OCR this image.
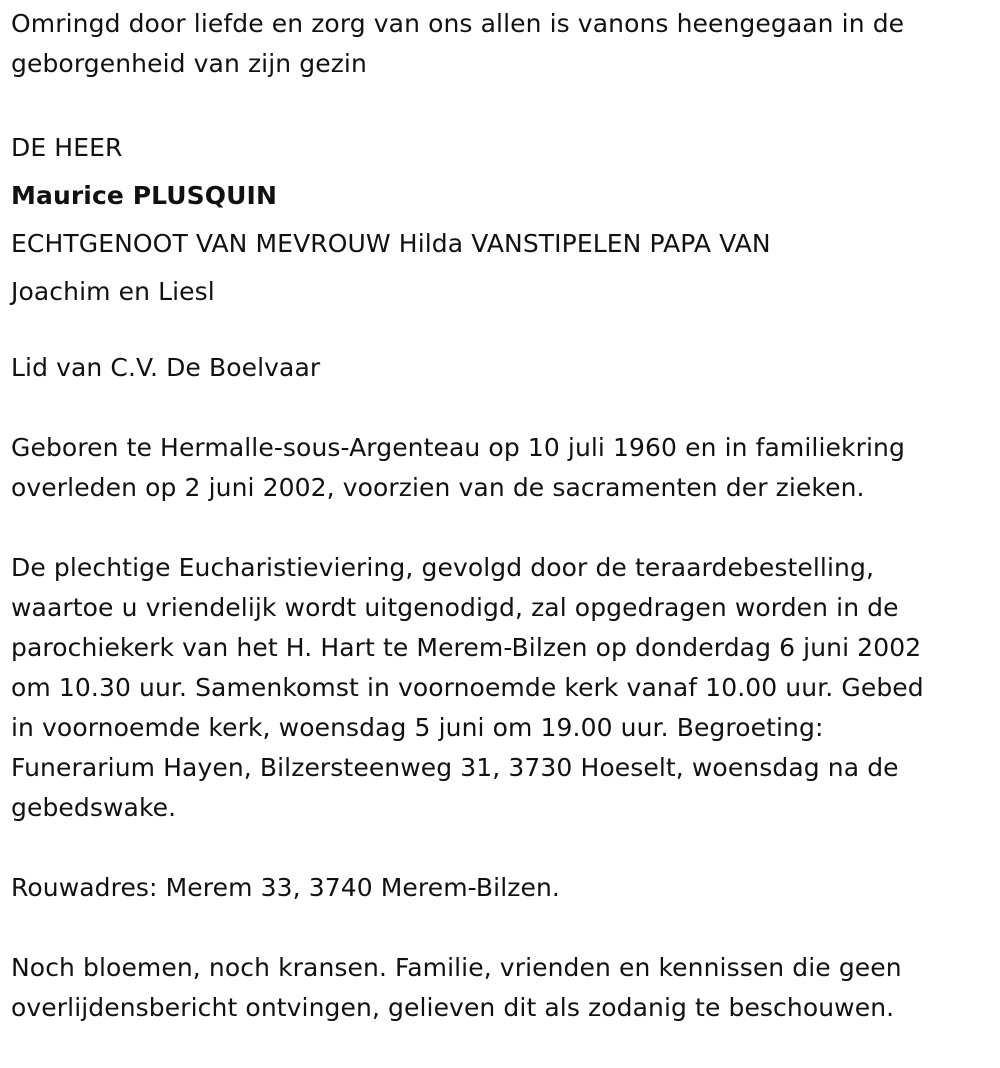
Omringd door liefde en zorg van ons allen is vanons heengegaan in de
geborgenheid van zijn gezin
DE HEER
Maurice PLUSQUIN
ECHTGENOOT VAN MEVROUW Hilda VANSTIPELEN PAPA VAN
Joachim en Liesl
Lid van C.V. De Boelvaar
Geboren te Hermalle-sous-Argenteau op 10 juli 1960 en in familiekring
overleden op 2 juni 2002, voorzien van de sacramenten der zieken.
De plechtige Eucharistieviering, gevolgd door de teraardebestelling,
waartoe u vriendelijk wordt uitgenodigd, zal opgedragen worden in de
parochiekerk van het H. Hart te Merem-Bilzen op donderdag 6 juni 2002
om 10.30 uur. Samenkomst in voornoemde kerk vanaf 10.00 uur. Gebed
in voornoemde kerk, woensdag 5 juni om 19.00 uur. Begroeting:
Funerarium Hayen, Bilzersteenweg 31, 3730 Hoeselt, woensdag na de
gebedswake.
Rouwadres: Merem 33, 3740 Merem-Bilzen.
Noch bloemen, noch kransen. Familie, vrienden en kennissen die geen
overlijdensbericht ontvingen, gelieven dit als zodanig te beschouwen.
